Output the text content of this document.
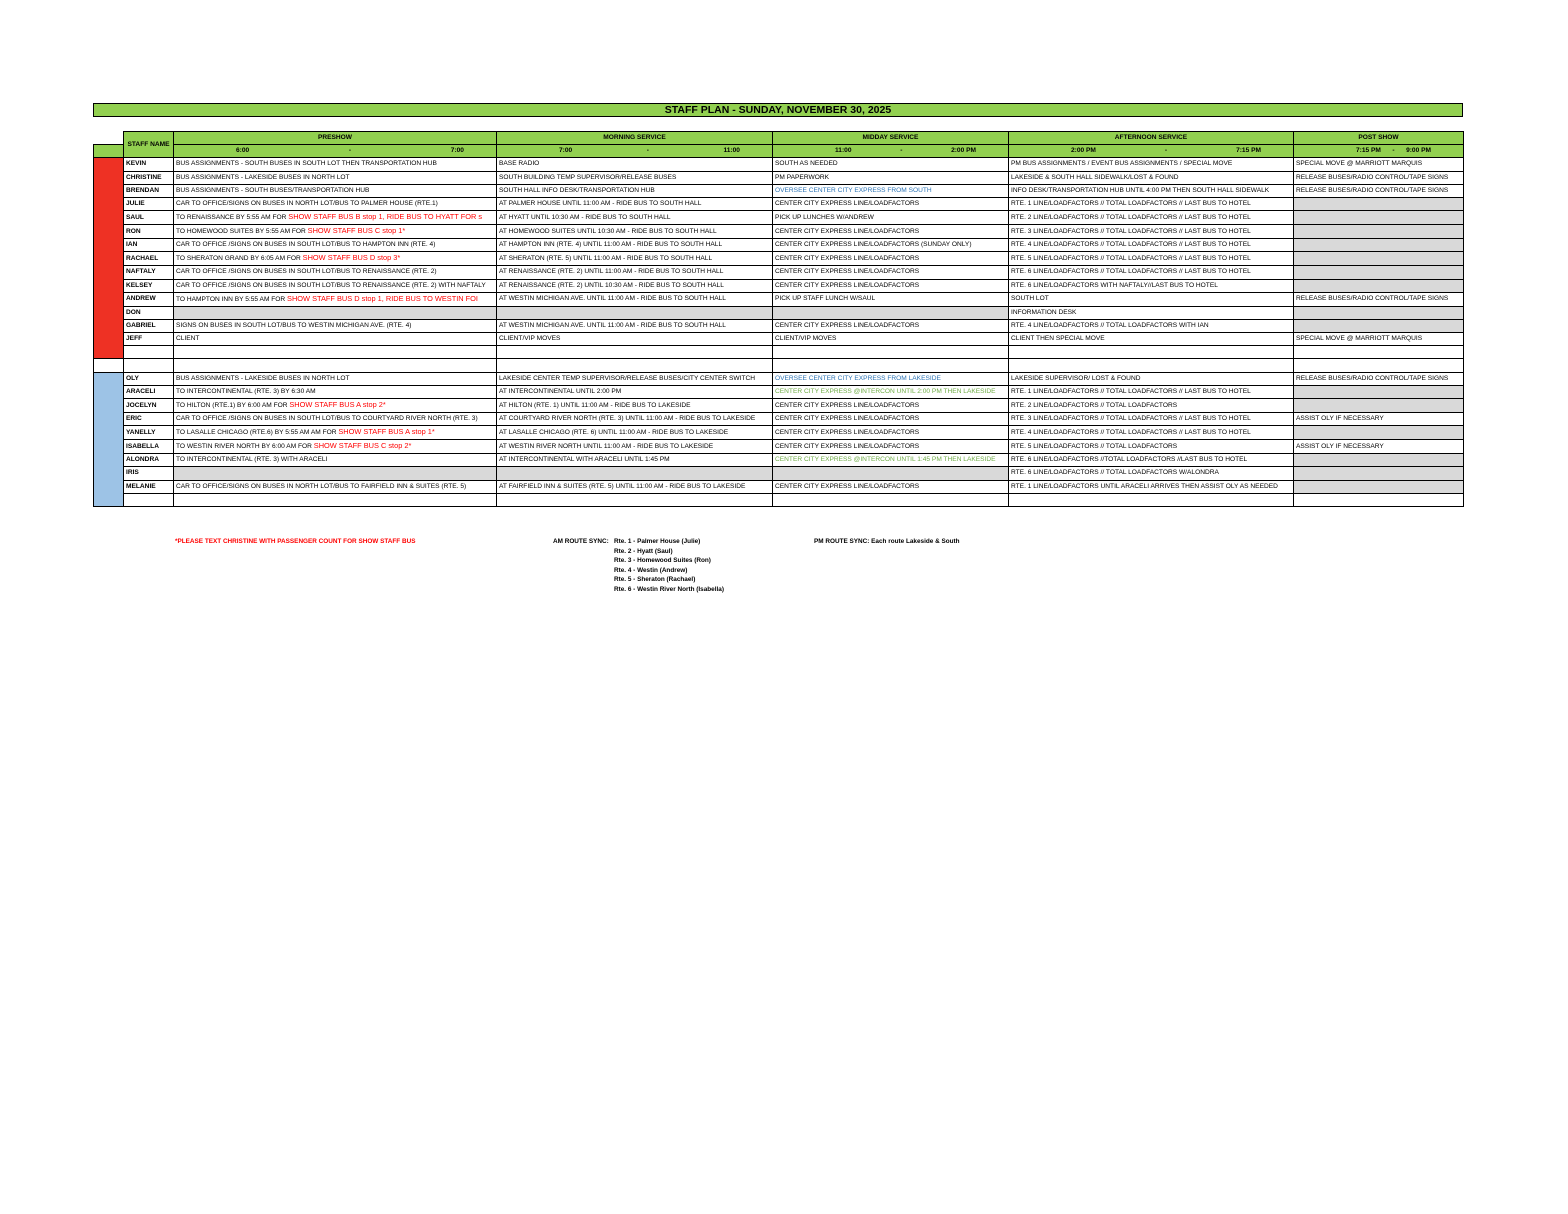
STAFF PLAN - SUNDAY, NOVEMBER 30, 2025
	STAFF NAME	PRESHOW	MORNING SERVICE	MIDDAY SERVICE	AFTERNOON SERVICE	POST SHOW

		6:00 - 7:00	7:00 - 11:00	11:00 - 2:00 PM	2:00 PM - 7:15 PM	7:15 PM - 9:00 PM

	KEVIN	BUS ASSIGNMENTS - SOUTH BUSES IN SOUTH LOT THEN TRANSPORTATION HUB	BASE RADIO	SOUTH AS NEEDED	PM BUS ASSIGNMENTS / EVENT BUS ASSIGNMENTS / SPECIAL MOVE	SPECIAL MOVE @ MARRIOTT MARQUIS
	CHRISTINE	BUS ASSIGNMENTS - LAKESIDE BUSES IN NORTH LOT	SOUTH BUILDING TEMP SUPERVISOR/RELEASE BUSES	PM PAPERWORK	LAKESIDE & SOUTH HALL SIDEWALK/LOST & FOUND	RELEASE BUSES/RADIO CONTROL/TAPE SIGNS
	BRENDAN	BUS ASSIGNMENTS - SOUTH BUSES/TRANSPORTATION HUB	SOUTH HALL INFO DESK/TRANSPORTATION HUB	OVERSEE CENTER CITY EXPRESS FROM SOUTH	INFO DESK/TRANSPORTATION HUB UNTIL 4:00 PM THEN SOUTH HALL SIDEWALK	RELEASE BUSES/RADIO CONTROL/TAPE SIGNS
	JULIE	CAR TO OFFICE/SIGNS ON BUSES IN NORTH LOT/BUS TO PALMER HOUSE (RTE.1)	AT PALMER HOUSE UNTIL 11:00 AM - RIDE BUS TO SOUTH HALL	CENTER CITY EXPRESS LINE/LOADFACTORS	RTE. 1 LINE/LOADFACTORS // TOTAL LOADFACTORS // LAST BUS TO HOTEL	
	SAUL	TO RENAISSANCE BY 5:55 AM FOR SHOW STAFF BUS B stop 1, RIDE BUS TO HYATT FOR s	AT HYATT UNTIL 10:30 AM - RIDE BUS TO SOUTH HALL	PICK UP LUNCHES W/ANDREW	RTE. 2 LINE/LOADFACTORS // TOTAL LOADFACTORS // LAST BUS TO HOTEL	
	RON	TO HOMEWOOD SUITES BY 5:55 AM FOR SHOW STAFF BUS C stop 1*	AT HOMEWOOD SUITES UNTIL 10:30 AM - RIDE BUS TO SOUTH HALL	CENTER CITY EXPRESS LINE/LOADFACTORS	RTE. 3 LINE/LOADFACTORS // TOTAL LOADFACTORS // LAST BUS TO HOTEL	
	IAN	CAR TO OFFICE /SIGNS ON BUSES IN SOUTH LOT/BUS TO HAMPTON INN (RTE. 4)	AT HAMPTON INN (RTE. 4) UNTIL 11:00 AM - RIDE BUS TO SOUTH HALL	CENTER CITY EXPRESS LINE/LOADFACTORS (SUNDAY ONLY)	RTE. 4 LINE/LOADFACTORS // TOTAL LOADFACTORS // LAST BUS TO HOTEL	
	RACHAEL	TO SHERATON GRAND BY 6:05 AM FOR SHOW STAFF BUS D stop 3*	AT SHERATON (RTE. 5) UNTIL 11:00 AM - RIDE BUS TO SOUTH HALL	CENTER CITY EXPRESS LINE/LOADFACTORS	RTE. 5 LINE/LOADFACTORS // TOTAL LOADFACTORS // LAST BUS TO HOTEL	
	NAFTALY	CAR TO OFFICE /SIGNS ON BUSES IN SOUTH LOT/BUS TO RENAISSANCE (RTE. 2)	AT RENAISSANCE (RTE. 2) UNTIL 11:00 AM - RIDE BUS TO SOUTH HALL	CENTER CITY EXPRESS LINE/LOADFACTORS	RTE. 6 LINE/LOADFACTORS // TOTAL LOADFACTORS // LAST BUS TO HOTEL	
	KELSEY	CAR TO OFFICE /SIGNS ON BUSES IN SOUTH LOT/BUS TO RENAISSANCE (RTE. 2) WITH NAFTALY	AT RENAISSANCE (RTE. 2) UNTIL 10:30 AM - RIDE BUS TO SOUTH HALL	CENTER CITY EXPRESS LINE/LOADFACTORS	RTE. 6 LINE/LOADFACTORS WITH NAFTALY//LAST BUS TO HOTEL	
	ANDREW	TO HAMPTON INN BY 5:55 AM FOR SHOW STAFF BUS D stop 1, RIDE BUS TO WESTIN FOI	AT WESTIN MICHIGAN AVE. UNTIL 11:00 AM - RIDE BUS TO SOUTH HALL	PICK UP STAFF LUNCH W/SAUL	SOUTH LOT	RELEASE BUSES/RADIO CONTROL/TAPE SIGNS
	DON				INFORMATION DESK	
	GABRIEL	SIGNS ON BUSES IN SOUTH LOT/BUS TO WESTIN MICHIGAN AVE. (RTE. 4)	AT WESTIN MICHIGAN AVE. UNTIL 11:00 AM - RIDE BUS TO SOUTH HALL	CENTER CITY EXPRESS LINE/LOADFACTORS	RTE. 4 LINE/LOADFACTORS // TOTAL LOADFACTORS WITH IAN	
	JEFF	CLIENT	CLIENT/VIP MOVES	CLIENT/VIP MOVES	CLIENT THEN SPECIAL MOVE	SPECIAL MOVE @ MARRIOTT MARQUIS

	OLY	BUS ASSIGNMENTS - LAKESIDE BUSES IN NORTH LOT	LAKESIDE CENTER TEMP SUPERVISOR/RELEASE BUSES/CITY CENTER SWITCH	OVERSEE CENTER CITY EXPRESS FROM LAKESIDE	LAKESIDE SUPERVISOR/ LOST & FOUND	RELEASE BUSES/RADIO CONTROL/TAPE SIGNS
	ARACELI	TO INTERCONTINENTAL (RTE. 3) BY 6:30 AM	AT INTERCONTINENTAL UNTIL 2:00 PM	CENTER CITY EXPRESS @INTERCON UNTIL 2:00 PM THEN LAKESIDE	RTE. 1 LINE/LOADFACTORS // TOTAL LOADFACTORS // LAST BUS TO HOTEL	
	JOCELYN	TO HILTON (RTE.1) BY 6:00 AM FOR SHOW STAFF BUS A stop 2*	AT HILTON (RTE. 1) UNTIL 11:00 AM - RIDE BUS TO LAKESIDE	CENTER CITY EXPRESS LINE/LOADFACTORS	RTE. 2 LINE/LOADFACTORS // TOTAL LOADFACTORS	
	ERIC	CAR TO OFFICE /SIGNS ON BUSES IN SOUTH LOT/BUS TO COURTYARD RIVER NORTH (RTE. 3)	AT COURTYARD RIVER NORTH (RTE. 3) UNTIL 11:00 AM - RIDE BUS TO LAKESIDE	CENTER CITY EXPRESS LINE/LOADFACTORS	RTE. 3 LINE/LOADFACTORS // TOTAL LOADFACTORS // LAST BUS TO HOTEL	ASSIST OLY IF NECESSARY
	YANELLY	TO LASALLE CHICAGO (RTE.6) BY 5:55 AM AM FOR SHOW STAFF BUS A stop 1*	AT LASALLE CHICAGO (RTE. 6) UNTIL 11:00 AM - RIDE BUS TO LAKESIDE	CENTER CITY EXPRESS LINE/LOADFACTORS	RTE. 4 LINE/LOADFACTORS // TOTAL LOADFACTORS // LAST BUS TO HOTEL	
	ISABELLA	TO WESTIN RIVER NORTH BY 6:00 AM FOR SHOW STAFF BUS C stop 2*	AT WESTIN RIVER NORTH UNTIL 11:00 AM - RIDE BUS TO LAKESIDE	CENTER CITY EXPRESS LINE/LOADFACTORS	RTE. 5 LINE/LOADFACTORS // TOTAL LOADFACTORS	ASSIST OLY IF NECESSARY
	ALONDRA	TO INTERCONTINENTAL (RTE. 3) WITH ARACELI	AT INTERCONTINENTAL WITH ARACELI UNTIL 1:45 PM	CENTER CITY EXPRESS @INTERCON UNTIL 1:45 PM THEN LAKESIDE	RTE. 6 LINE/LOADFACTORS //TOTAL LOADFACTORS //LAST BUS TO HOTEL	
	IRIS				RTE. 6 LINE/LOADFACTORS // TOTAL LOADFACTORS W/ALONDRA	
	MELANIE	CAR TO OFFICE/SIGNS ON BUSES IN NORTH LOT/BUS TO FAIRFIELD INN & SUITES (RTE. 5)	AT FAIRFIELD INN & SUITES (RTE. 5) UNTIL 11:00 AM - RIDE BUS TO LAKESIDE	CENTER CITY EXPRESS LINE/LOADFACTORS	RTE. 1 LINE/LOADFACTORS UNTIL ARACELI ARRIVES THEN ASSIST OLY AS NEEDED	

*PLEASE TEXT CHRISTINE WITH PASSENGER COUNT FOR SHOW STAFF BUS	AM ROUTE SYNC: Rte. 1 - Palmer House (Julie)
Rte. 2 - Hyatt (Saul)
Rte. 3 - Homewood Suites (Ron)
Rte. 4 - Westin (Andrew)
Rte. 5 - Sheraton (Rachael)
Rte. 6 - Westin River North (Isabella)
PM ROUTE SYNC: Each route Lakeside & South
